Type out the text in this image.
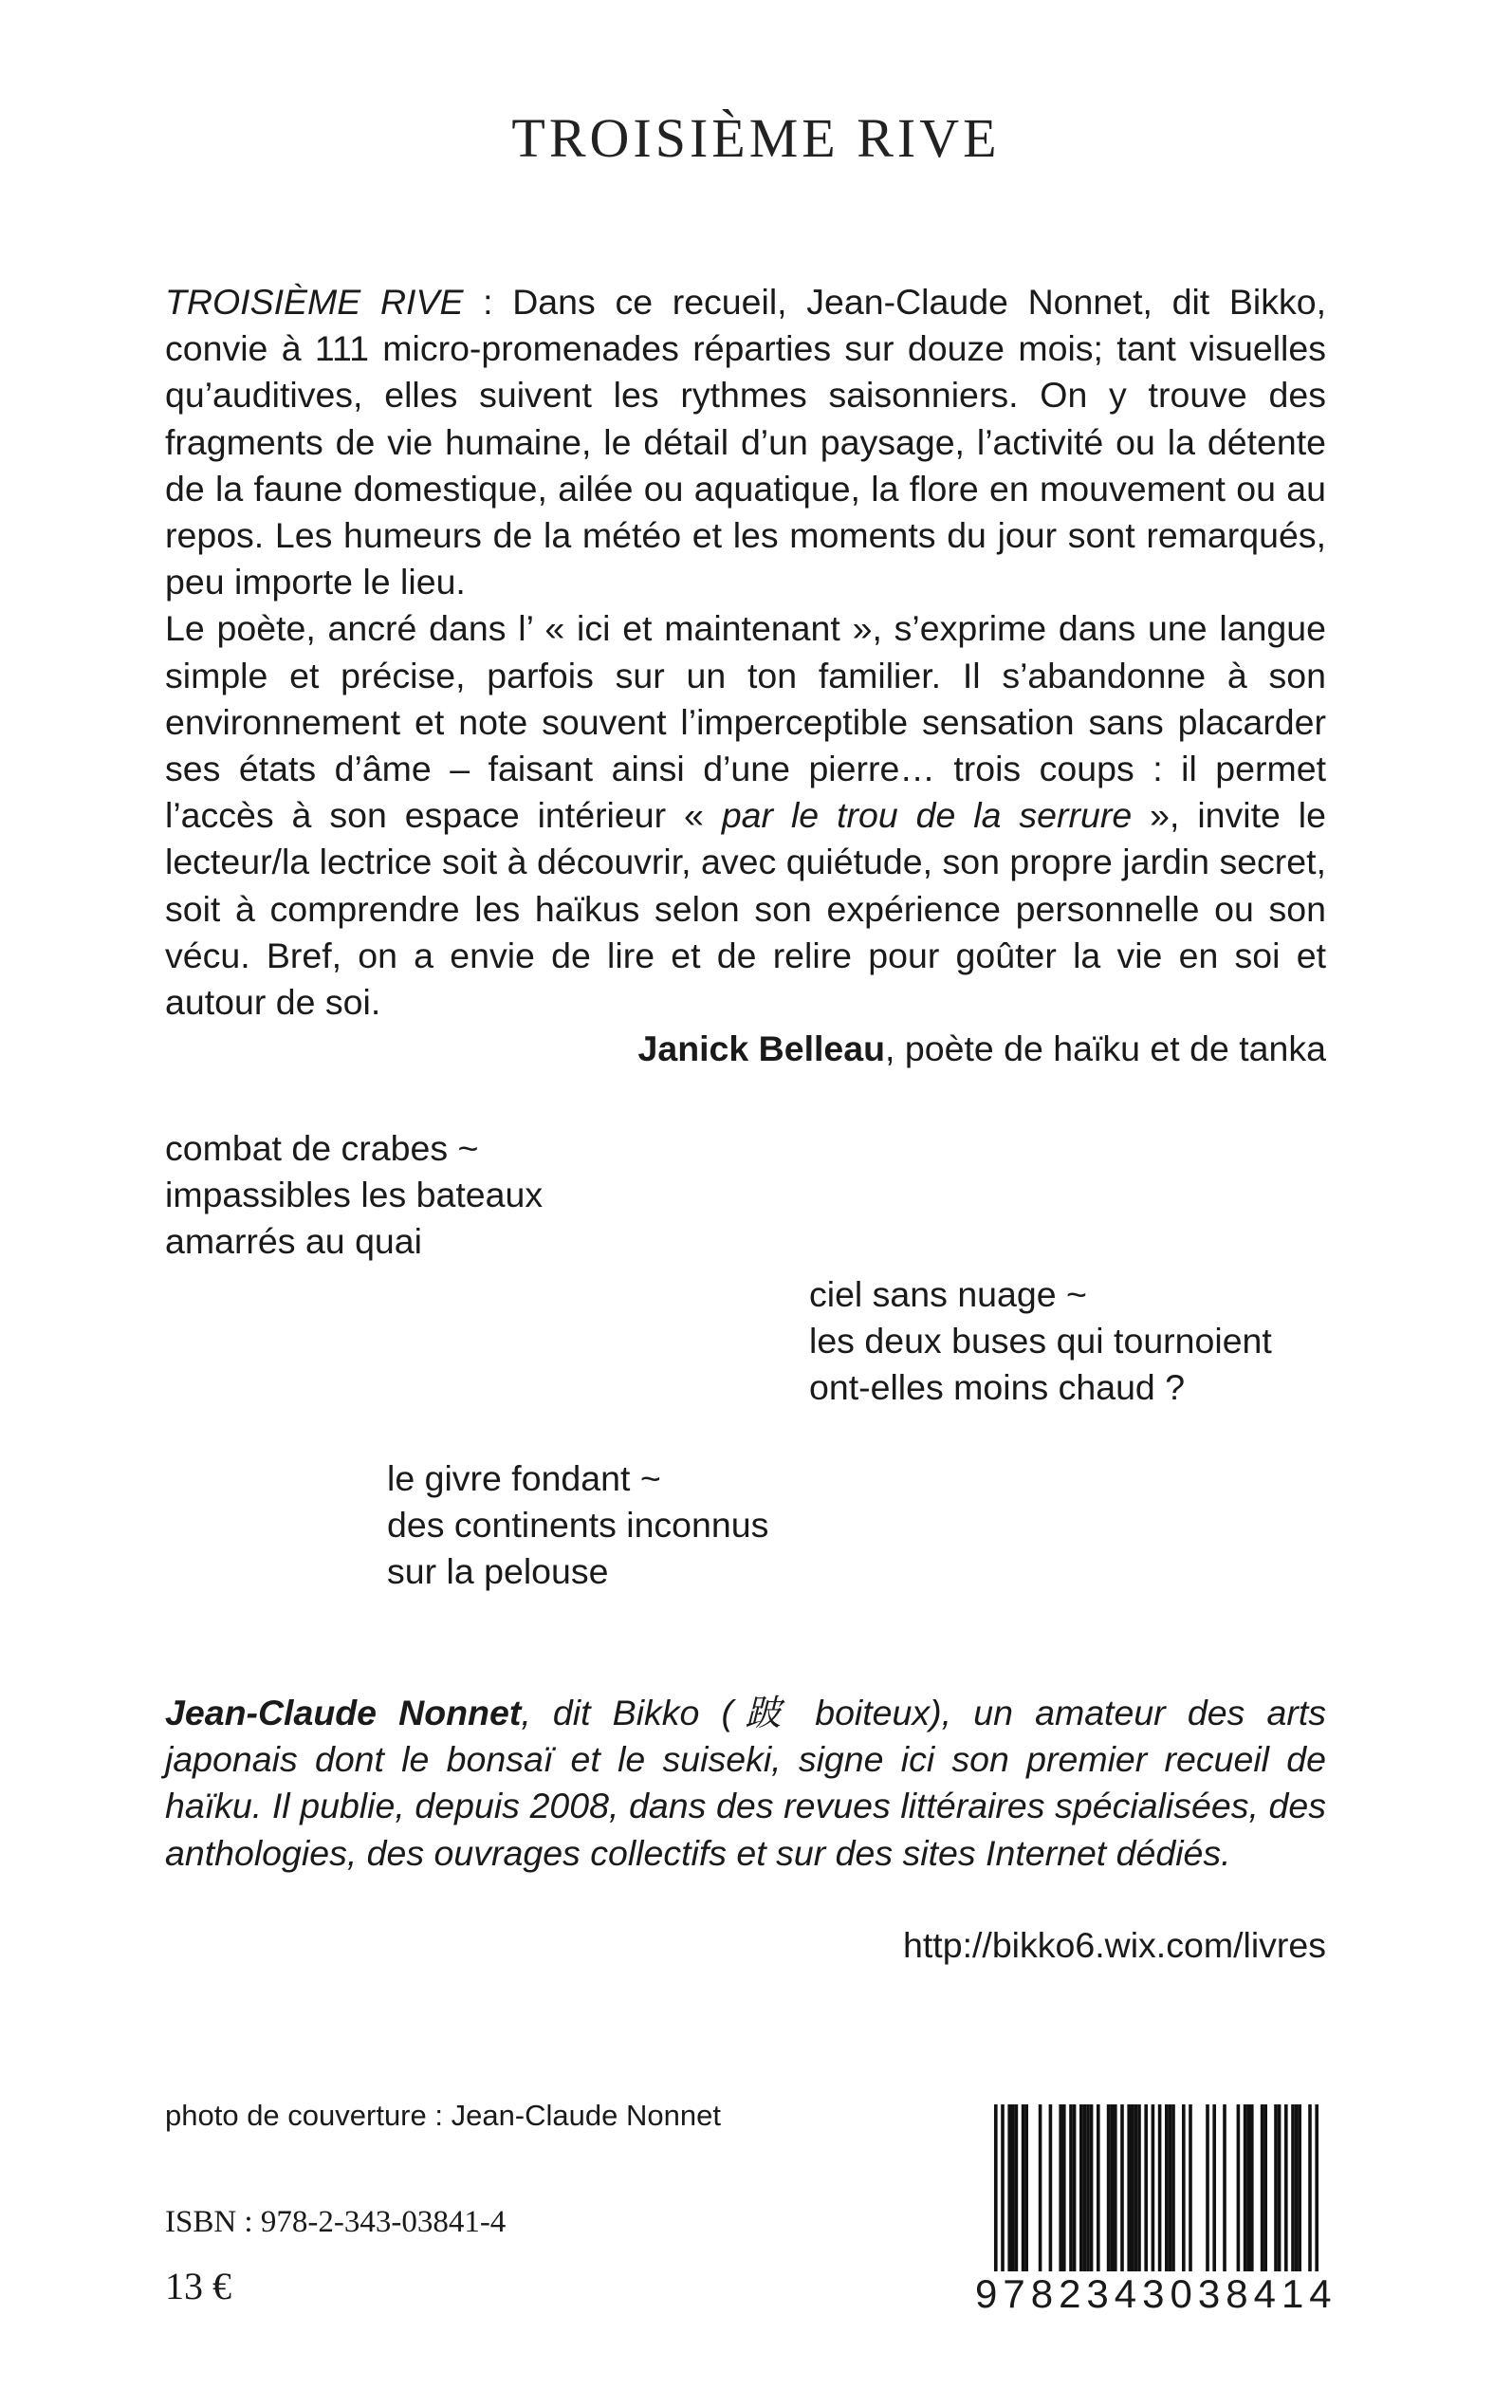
TROISIÈME RIVE

TROISIÈME RIVE : Dans ce recueil, Jean-Claude Nonnet, dit Bikko, convie à 111 micro-promenades réparties sur douze mois; tant visuelles qu’auditives, elles suivent les rythmes saisonniers. On y trouve des fragments de vie humaine, le détail d’un paysage, l’activité ou la détente de la faune domestique, ailée ou aquatique, la flore en mouvement ou au repos. Les humeurs de la météo et les moments du jour sont remarqués, peu importe le lieu.

Le poète, ancré dans l’ « ici et maintenant », s’exprime dans une langue simple et précise, parfois sur un ton familier. Il s’abandonne à son environnement et note souvent l’imperceptible sensation sans placarder ses états d’âme – faisant ainsi d’une pierre… trois coups : il permet l’accès à son espace intérieur « par le trou de la serrure », invite le lecteur/la lectrice soit à découvrir, avec quiétude, son propre jardin secret, soit à comprendre les haïkus selon son expérience personnelle ou son vécu. Bref, on a envie de lire et de relire pour goûter la vie en soi et autour de soi.

Janick Belleau, poète de haïku et de tanka

combat de crabes ~
impassibles les bateaux
amarrés au quai
ciel sans nuage ~
les deux buses qui tournoient
ont-elles moins chaud ?
le givre fondant ~
des continents inconnus
sur la pelouse
Jean-Claude Nonnet, dit Bikko (跛 boiteux), un amateur des arts japonais dont le bonsaï et le suiseki, signe ici son premier recueil de haïku. Il publie, depuis 2008, dans des revues littéraires spécialisées, des anthologies, des ouvrages collectifs et sur des sites Internet dédiés.
http://bikko6.wix.com/livres
photo de couverture : Jean-Claude Nonnet
ISBN : 978-2-343-03841-4
13 €	9782343038414
